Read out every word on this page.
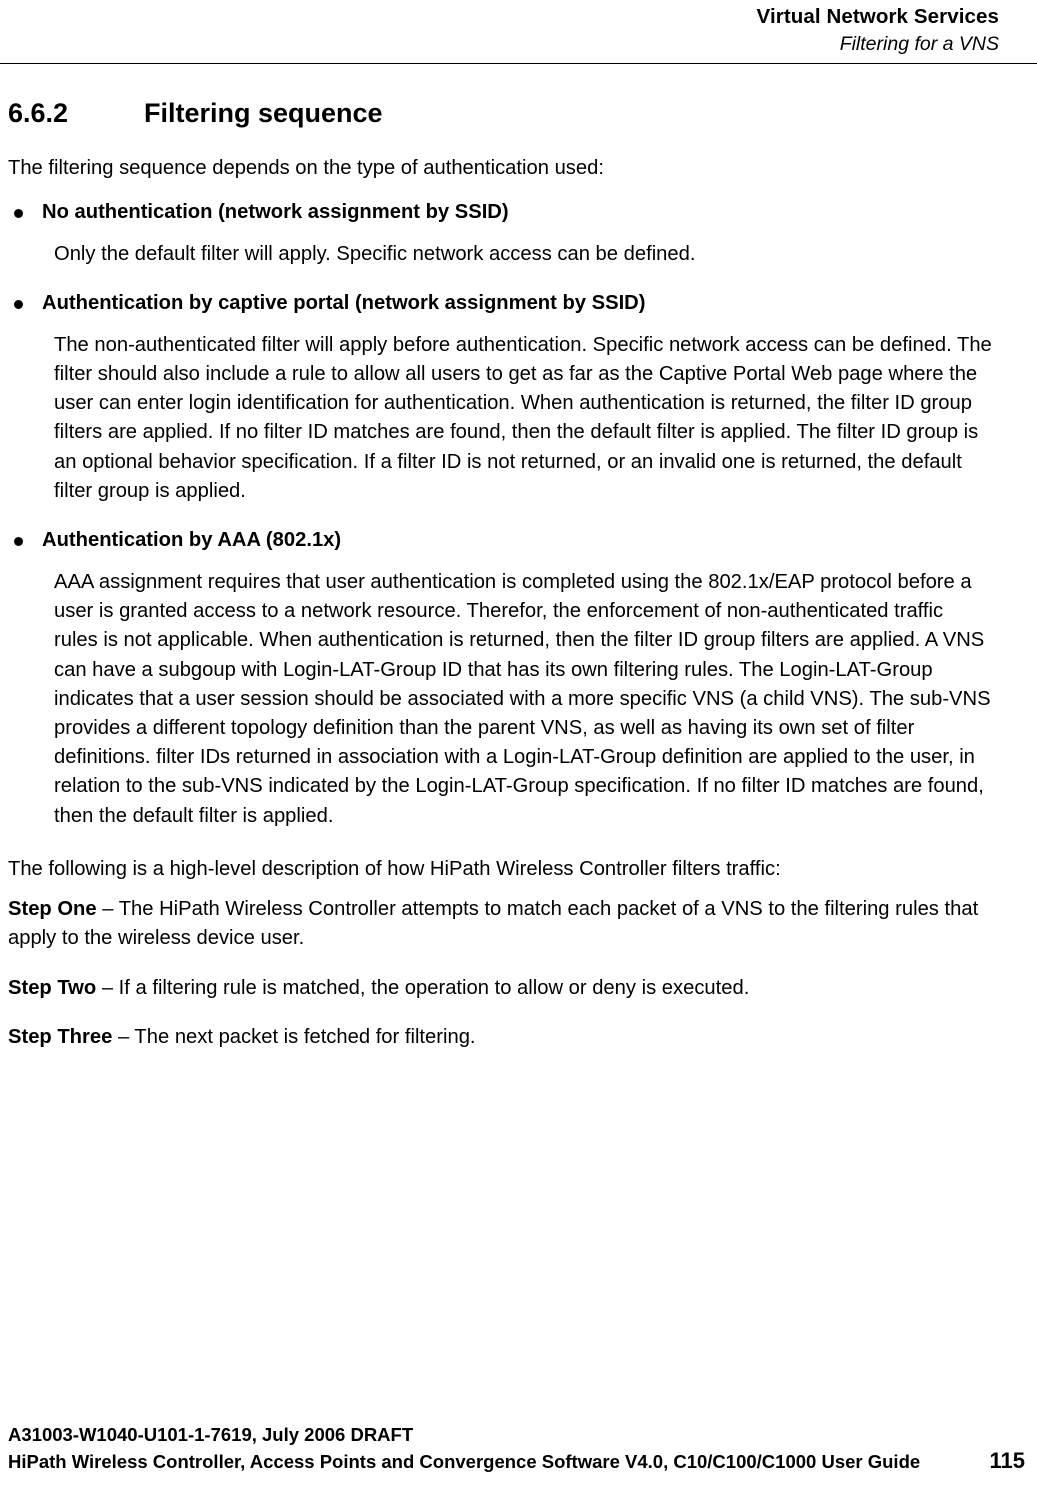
Virtual Network Services
Filtering for a VNS
6.6.2	Filtering sequence

The filtering sequence depends on the type of authentication used:

No authentication (network assignment by SSID)

Only the default filter will apply. Specific network access can be defined.

Authentication by captive portal (network assignment by SSID)

The non-authenticated filter will apply before authentication. Specific network access can be defined. The filter should also include a rule to allow all users to get as far as the Captive Portal Web page where the user can enter login identification for authentication. When authentication is returned, the filter ID group filters are applied. If no filter ID matches are found, then the default filter is applied. The filter ID group is an optional behavior specification. If a filter ID is not returned, or an invalid one is returned, the default filter group is applied.

Authentication by AAA (802.1x)

AAA assignment requires that user authentication is completed using the 802.1x/EAP protocol before a user is granted access to a network resource. Therefor, the enforcement of non-authenticated traffic rules is not applicable. When authentication is returned, then the filter ID group filters are applied. A VNS can have a subgoup with Login-LAT-Group ID that has its own filtering rules. The Login-LAT-Group indicates that a user session should be associated with a more specific VNS (a child VNS). The sub-VNS provides a different topology definition than the parent VNS, as well as having its own set of filter definitions. filter IDs returned in association with a Login-LAT-Group definition are applied to the user, in relation to the sub-VNS indicated by the Login-LAT-Group specification. If no filter ID matches are found, then the default filter is applied.

The following is a high-level description of how HiPath Wireless Controller filters traffic:

Step One – The HiPath Wireless Controller attempts to match each packet of a VNS to the filtering rules that apply to the wireless device user.

Step Two – If a filtering rule is matched, the operation to allow or deny is executed.

Step Three – The next packet is fetched for filtering.

A31003-W1040-U101-1-7619, July 2006 DRAFT
HiPath Wireless Controller, Access Points and Convergence Software V4.0, C10/C100/C1000 User Guide	115
